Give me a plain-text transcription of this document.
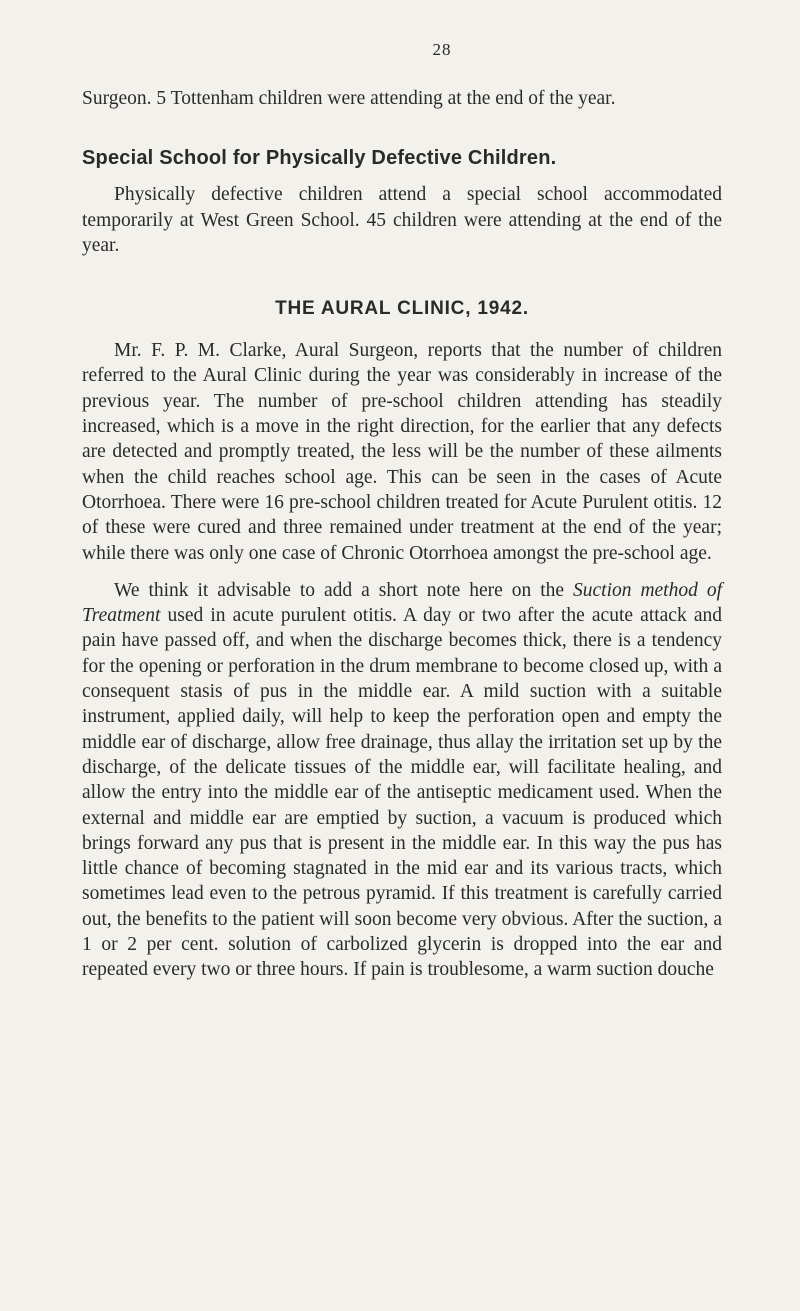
28

Surgeon. 5 Tottenham children were attending at the end of the year.

Special School for Physically Defective Children.

Physically defective children attend a special school accommodated temporarily at West Green School. 45 children were attending at the end of the year.

THE AURAL CLINIC, 1942.

Mr. F. P. M. Clarke, Aural Surgeon, reports that the number of children referred to the Aural Clinic during the year was considerably in increase of the previous year. The number of pre-school children attending has steadily increased, which is a move in the right direction, for the earlier that any defects are detected and promptly treated, the less will be the number of these ailments when the child reaches school age. This can be seen in the cases of Acute Otorrhoea. There were 16 pre-school children treated for Acute Purulent otitis. 12 of these were cured and three remained under treatment at the end of the year; while there was only one case of Chronic Otorrhoea amongst the pre-school age.

We think it advisable to add a short note here on the Suction method of Treatment used in acute purulent otitis. A day or two after the acute attack and pain have passed off, and when the discharge becomes thick, there is a tendency for the opening or perforation in the drum membrane to become closed up, with a consequent stasis of pus in the middle ear. A mild suction with a suitable instrument, applied daily, will help to keep the perforation open and empty the middle ear of discharge, allow free drainage, thus allay the irritation set up by the discharge, of the delicate tissues of the middle ear, will facilitate healing, and allow the entry into the middle ear of the antiseptic medicament used. When the external and middle ear are emptied by suction, a vacuum is produced which brings forward any pus that is present in the middle ear. In this way the pus has little chance of becoming stagnated in the mid ear and its various tracts, which sometimes lead even to the petrous pyramid. If this treatment is carefully carried out, the benefits to the patient will soon become very obvious. After the suction, a 1 or 2 per cent. solution of carbolized glycerin is dropped into the ear and repeated every two or three hours. If pain is troublesome, a warm suction douche
